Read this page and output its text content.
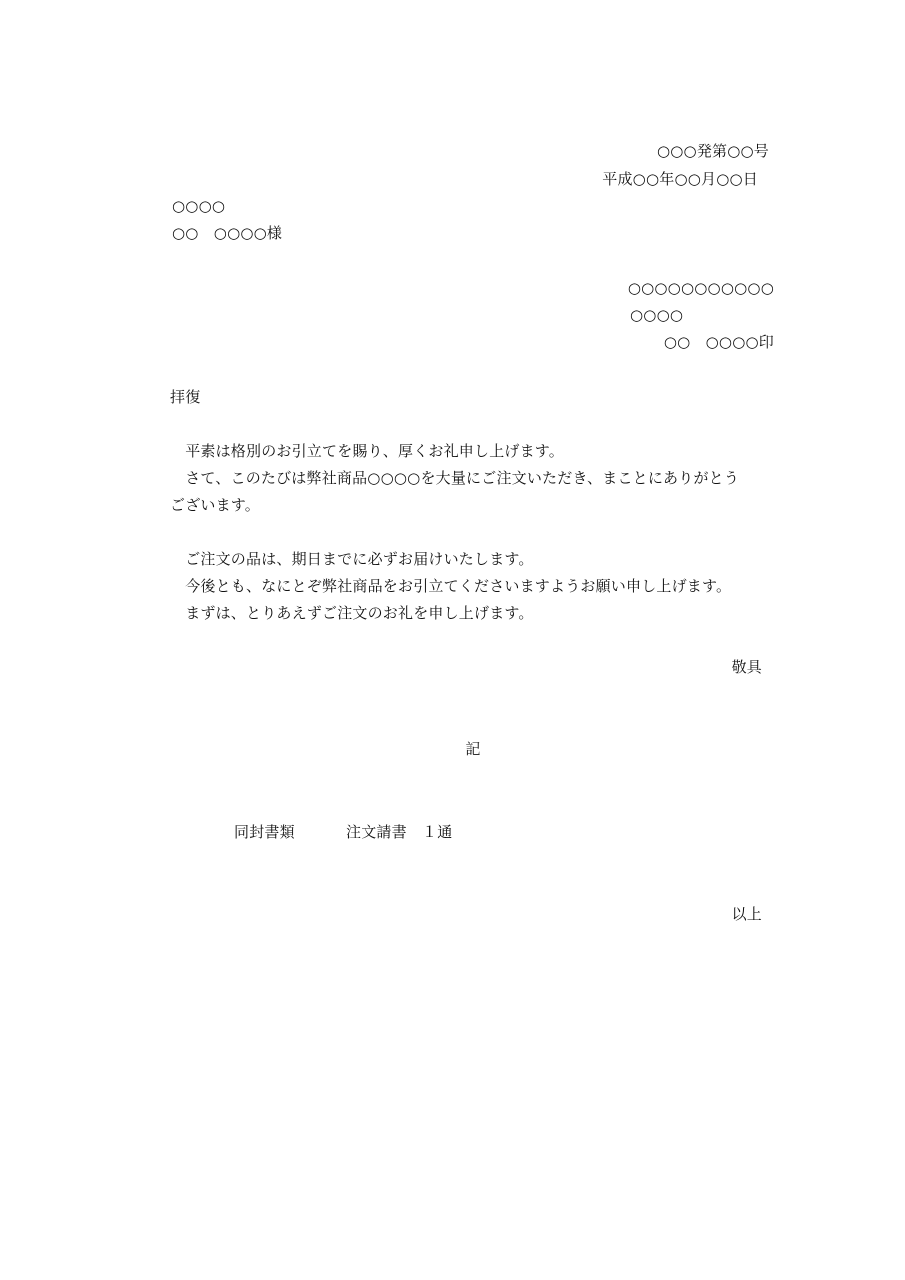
○○○発第○○号
平成○○年○○月○○日
○○○○
○○　○○○○様
○○○○○○○○○○○
○○○○
○○　○○○○印
拝復
　平素は格別のお引立てを賜り、厚くお礼申し上げます。
　さて、このたびは弊社商品○○○○を大量にご注文いただき、まことにありがとう
ございます。
　ご注文の品は、期日までに必ずお届けいたします。
　今後とも、なにとぞ弊社商品をお引立てくださいますようお願い申し上げます。
　まずは、とりあえずご注文のお礼を申し上げます。
敬具
記
同封書類	注文請書　１通
以上
